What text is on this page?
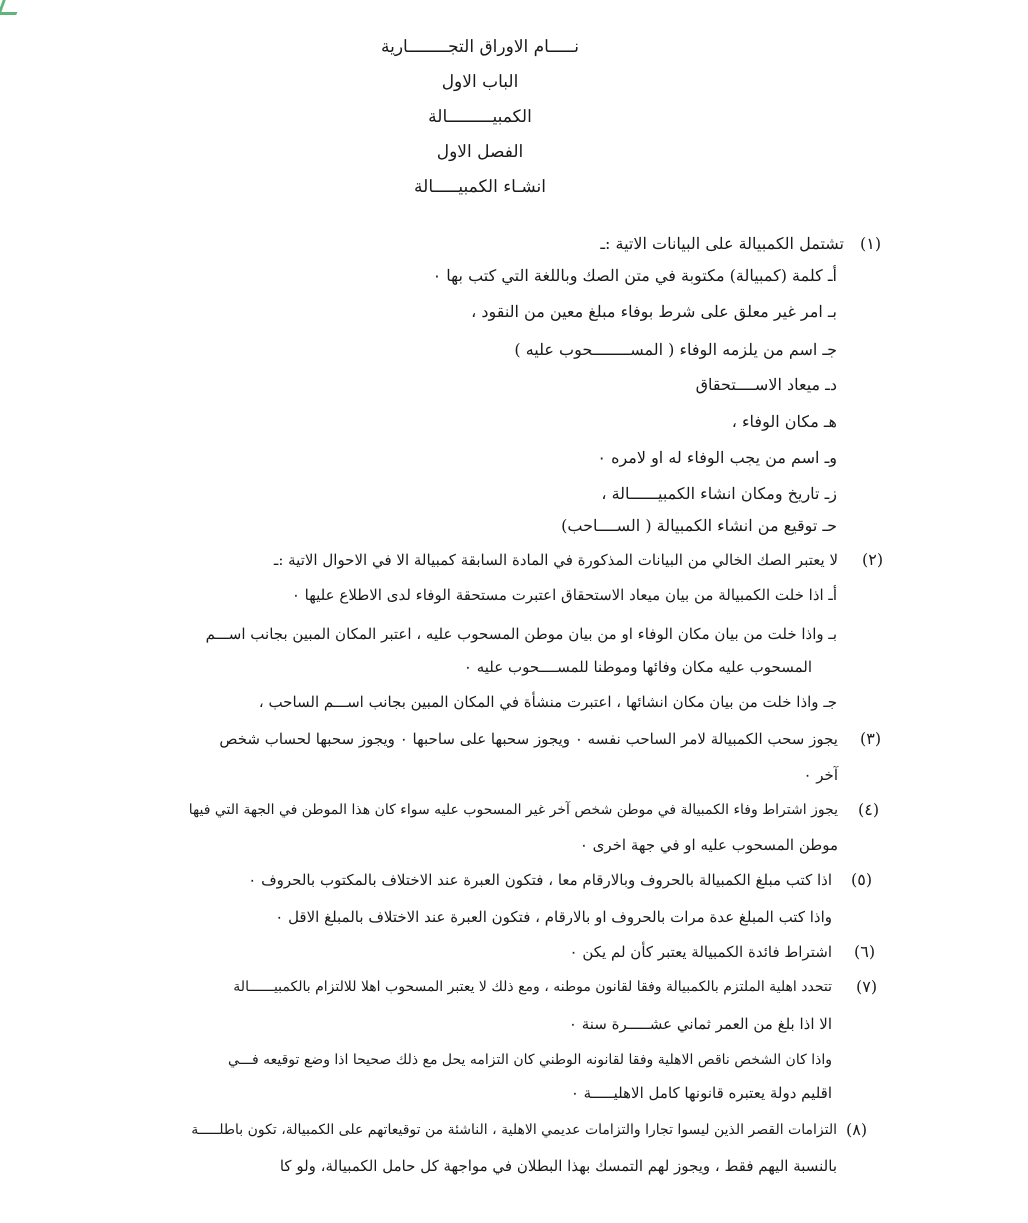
نـــــام الاوراق التجــــــــارية
الباب الاول
الكمبيـــــــــالة
الفصل الاول
انشـاء الكمبيـــــالة
(١)
تشتمل الكمبيالة على البيانات الاتية :ـ
أـ كلمة (كمبيالة) مكتوبة في متن الصك وباللغة التي كتب بها ٠
بـ امر غير معلق على شرط بوفاء مبلغ معين من النقود ،
جـ اسم من يلزمه الوفاء ( المســــــــحوب عليه )
دـ ميعاد الاســــتحقاق
هـ مكان الوفاء ،
وـ اسم من يجب الوفاء له او لامره ٠
زـ تاريخ ومكان انشاء الكمبيــــــالة ،
حـ توقيع من انشاء الكمبيالة ( الســــاحب)
(٢)
لا يعتبر الصك الخالي من البيانات المذكورة في المادة السابقة كمبيالة الا في الاحوال الاتية :ـ
أـ اذا خلت الكمبيالة من بيان ميعاد الاستحقاق اعتبرت مستحقة الوفاء لدى الاطلاع عليها ٠
بـ واذا خلت من بيان مكان الوفاء او من بيان موطن المسحوب عليه ، اعتبر المكان المبين بجانب اســـم
المسحوب عليه مكان وفائها وموطنا للمســــحوب عليه ٠
جـ واذا خلت من بيان مكان انشائها ، اعتبرت منشأة في المكان المبين بجانب اســـم الساحب ،
(٣)
يجوز سحب الكمبيالة لامر الساحب نفسه ٠ ويجوز سحبها على ساحبها ٠ ويجوز سحبها لحساب شخص
آخر ٠
(٤)
يجوز اشتراط وفاء الكمبيالة في موطن شخص آخر غير المسحوب عليه سواء كان هذا الموطن في الجهة التي فيها
موطن المسحوب عليه او في جهة اخرى ٠
(٥)
اذا كتب مبلغ الكمبيالة بالحروف وبالارقام معا ، فتكون العبرة عند الاختلاف بالمكتوب بالحروف ٠
واذا كتب المبلغ عدة مرات بالحروف او بالارقام ، فتكون العبرة عند الاختلاف بالمبلغ الاقل ٠
(٦)
اشتراط فائدة الكمبيالة يعتبر كأن لم يكن ٠
(٧)
تتحدد اهلية الملتزم بالكمبيالة وفقا لقانون موطنه ، ومع ذلك لا يعتبر المسحوب اهلا للالتزام بالكمبيــــــالة
الا اذا بلغ من العمر ثماني عشـــــرة سنة ٠
واذا كان الشخص ناقص الاهلية وفقا لقانونه الوطني كان التزامه يحل مع ذلك صحيحا اذا وضع توقيعه فـــي
اقليم دولة يعتبره قانونها كامل الاهليـــــة ٠
(٨)
التزامات القصر الذين ليسوا تجارا والتزامات عديمي الاهلية ، الناشئة من توقيعاتهم على الكمبيالة، تكون باطلـــــة
بالنسبة اليهم فقط ، ويجوز لهم التمسك بهذا البطلان في مواجهة كل حامل الكمبيالة، ولو كا
